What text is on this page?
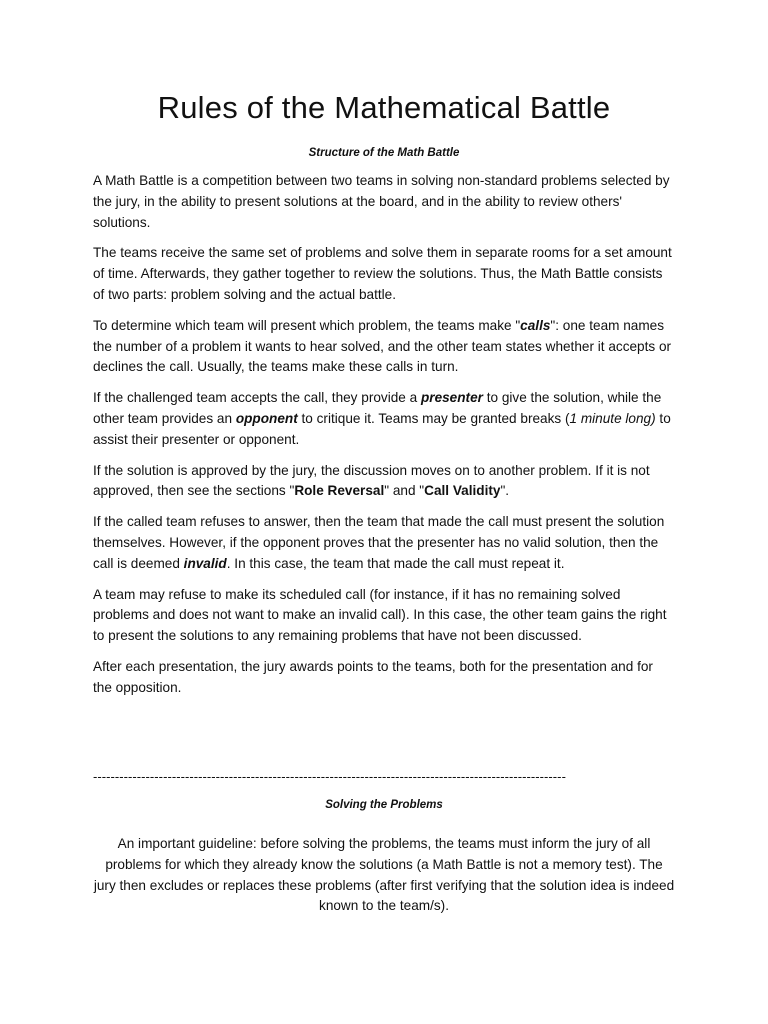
Rules of the Mathematical Battle
Structure of the Math Battle

A Math Battle is a competition between two teams in solving non-standard problems selected by the jury, in the ability to present solutions at the board, and in the ability to review others' solutions.

The teams receive the same set of problems and solve them in separate rooms for a set amount of time. Afterwards, they gather together to review the solutions. Thus, the Math Battle consists of two parts: problem solving and the actual battle.

To determine which team will present which problem, the teams make "calls": one team names the number of a problem it wants to hear solved, and the other team states whether it accepts or declines the call. Usually, the teams make these calls in turn.

If the challenged team accepts the call, they provide a presenter to give the solution, while the other team provides an opponent to critique it. Teams may be granted breaks (1 minute long) to assist their presenter or opponent.

If the solution is approved by the jury, the discussion moves on to another problem. If it is not approved, then see the sections "Role Reversal" and "Call Validity".

If the called team refuses to answer, then the team that made the call must present the solution themselves. However, if the opponent proves that the presenter has no valid solution, then the call is deemed invalid. In this case, the team that made the call must repeat it.

A team may refuse to make its scheduled call (for instance, if it has no remaining solved problems and does not want to make an invalid call). In this case, the other team gains the right to present the solutions to any remaining problems that have not been discussed.

After each presentation, the jury awards points to the teams, both for the presentation and for the opposition.

------------------------------------------------------------------------------------------------------------
Solving the Problems

An important guideline: before solving the problems, the teams must inform the jury of all problems for which they already know the solutions (a Math Battle is not a memory test). The jury then excludes or replaces these problems (after first verifying that the solution idea is indeed known to the team/s).
